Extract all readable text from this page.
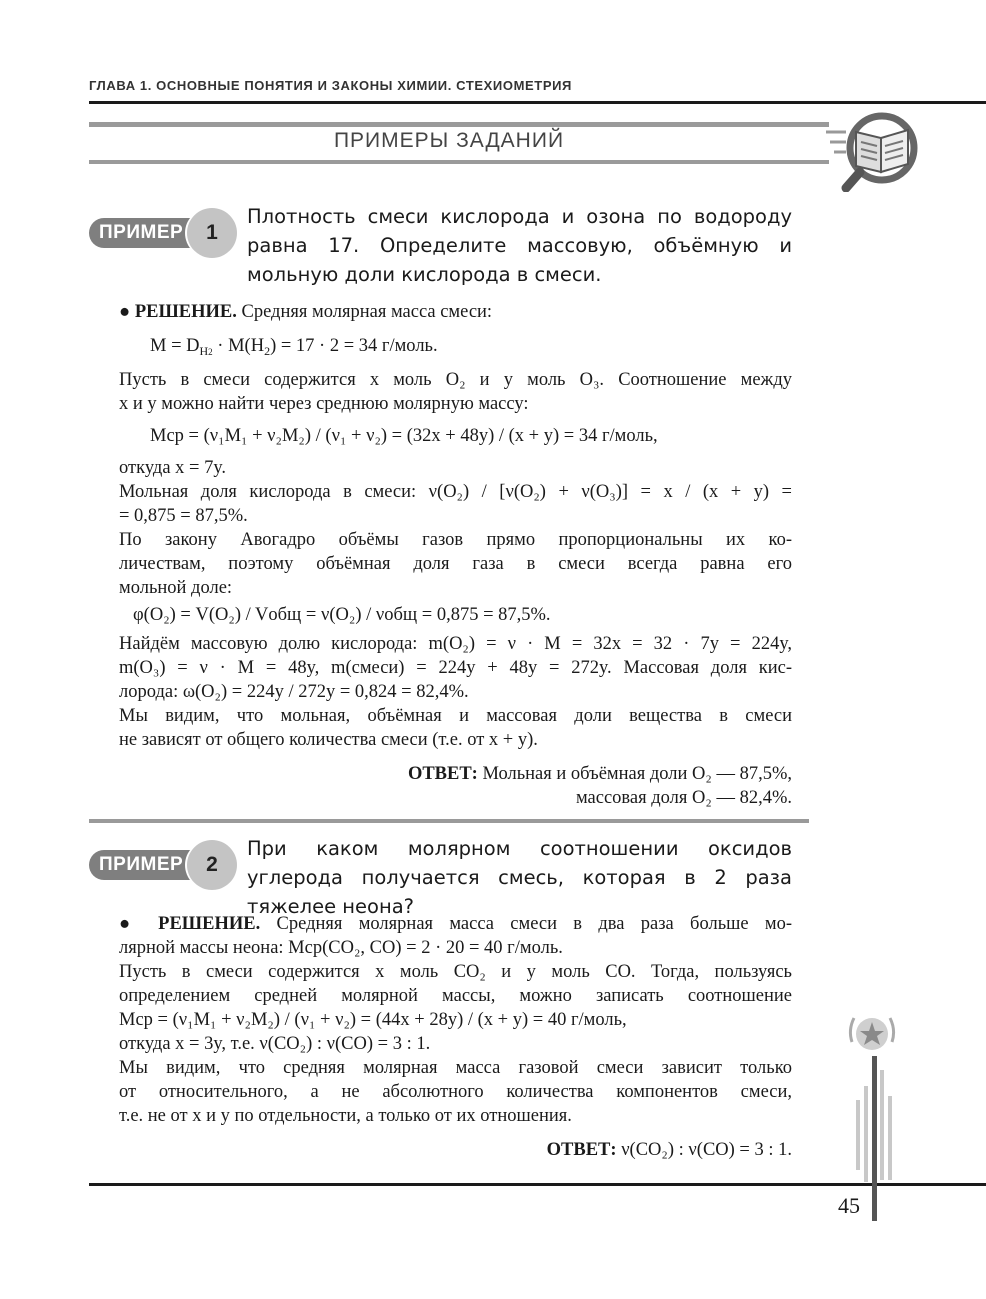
ГЛАВА 1. ОСНОВНЫЕ ПОНЯТИЯ И ЗАКОНЫ ХИМИИ. СТЕХИОМЕТРИЯ
ПРИМЕРЫ ЗАДАНИЙ
ПРИМЕР	1
Плотность смеси кислорода и озона по водороду равна 17. Определите массовую, объёмную и мольную доли кислорода в смеси.
● РЕШЕНИЕ. Средняя молярная масса смеси:
$M = D_{H2} \cdot M(H_2) = 17 \cdot 2 = 34$ г/моль.
Пусть в смеси содержится x моль O₂ и y моль O₃. Соотношение между
x и y можно найти через среднюю молярную массу:
Mср = (ν₁M₁ + ν₂M₂) / (ν₁ + ν₂) = (32x + 48y) / (x + y) = 34 г/моль,
откуда x = 7y.
Мольная доля кислорода в смеси: ν(O₂) / [ν(O₂) + ν(O₃)] = x / (x + y) =
= 0,875 = 87,5%.
По закону Авогадро объёмы газов прямо пропорциональны их ко-
личествам, поэтому объёмная доля газа в смеси всегда равна его
мольной доле:
φ(O₂) = V(O₂) / Vобщ = ν(O₂) / νобщ = 0,875 = 87,5%.
Найдём массовую долю кислорода: m(O₂) = ν · M = 32x = 32 · 7y = 224y,
m(O₃) = ν · M = 48y, m(смеси) = 224y + 48y = 272y. Массовая доля кис-
лорода: ω(O₂) = 224y / 272y = 0,824 = 82,4%.
Мы видим, что мольная, объёмная и массовая доли вещества в смеси
не зависят от общего количества смеси (т.е. от x + y).
ОТВЕТ: Мольная и объёмная доли O₂ — 87,5%,
массовая доля O₂ — 82,4%.
ПРИМЕР	2
При каком молярном соотношении оксидов углерода получается смесь, которая в 2 раза тяжелее неона?
● РЕШЕНИЕ. Средняя молярная масса смеси в два раза больше мо-
лярной массы неона: Mср(CO₂, CO) = 2 · 20 = 40 г/моль.
Пусть в смеси содержится x моль CO₂ и y моль CO. Тогда, пользуясь
определением средней молярной массы, можно записать соотношение
Mср = (ν₁M₁ + ν₂M₂) / (ν₁ + ν₂) = (44x + 28y) / (x + y) = 40 г/моль,
откуда x = 3y, т.е. ν(CO₂) : ν(CO) = 3 : 1.
Мы видим, что средняя молярная масса газовой смеси зависит только
от относительного, а не абсолютного количества компонентов смеси,
т.е. не от x и y по отдельности, а только от их отношения.
ОТВЕТ: ν(CO₂) : ν(CO) = 3 : 1.
45
